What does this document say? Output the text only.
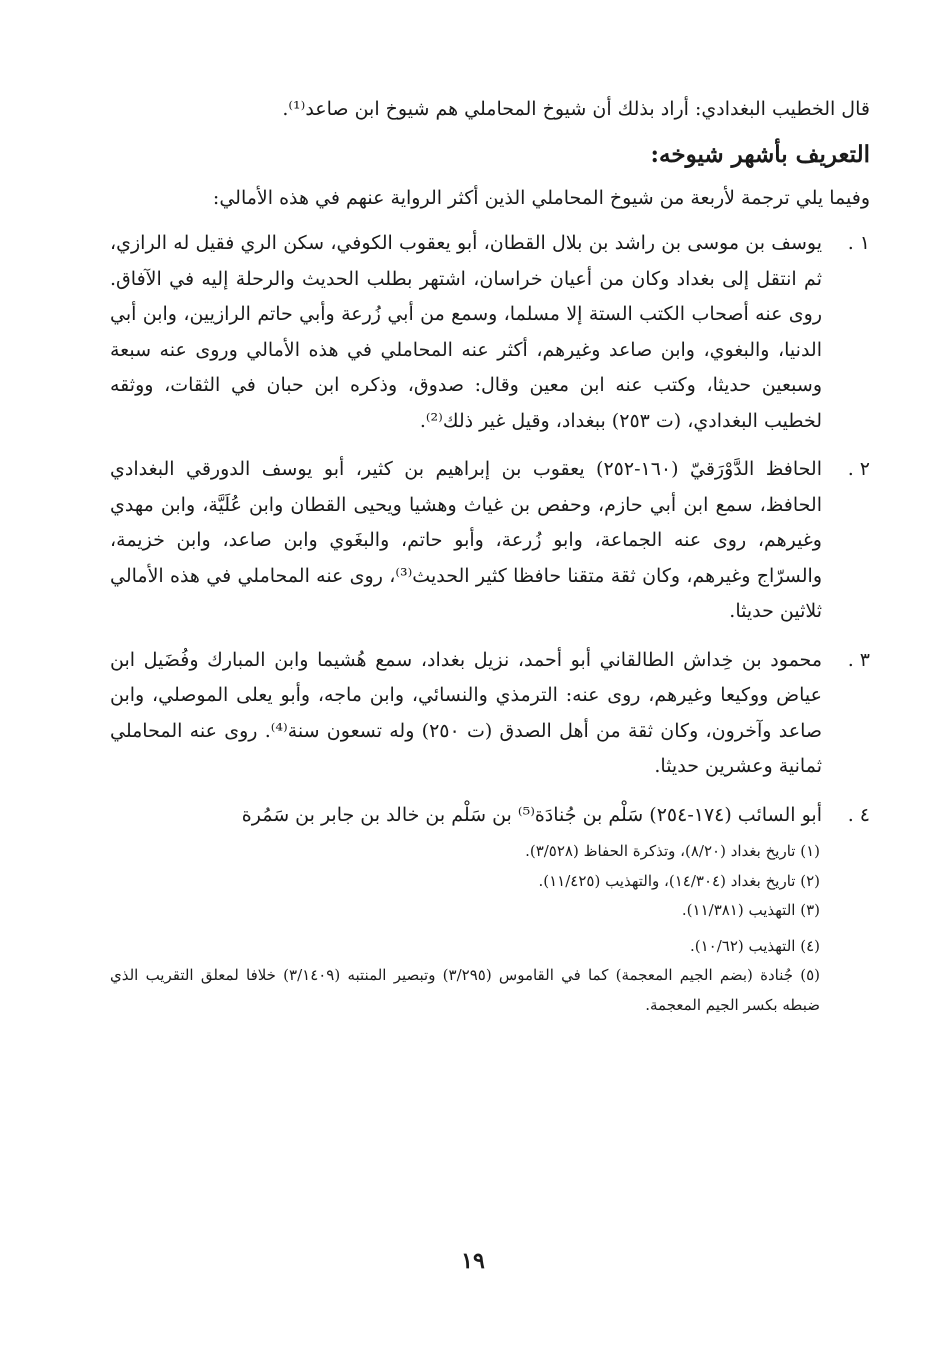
قال الخطيب البغدادي: أراد بذلك أن شيوخ المحاملي هم شيوخ ابن صاعد⁽¹⁾.

التعريف بأشهر شيوخه:

وفيما يلي ترجمة لأربعة من شيوخ المحاملي الذين أكثر الرواية عنهم في هذه الأمالي:

١ .
يوسف بن موسى بن راشد بن بلال القطان، أبو يعقوب الكوفي، سكن الري فقيل له الرازي، ثم انتقل إلى بغداد وكان من أعيان خراسان، اشتهر بطلب الحديث والرحلة إليه في الآفاق. روى عنه أصحاب الكتب الستة إلا مسلما، وسمع من أبي زُرعة وأبي حاتم الرازيين، وابن أبي الدنيا، والبغوي، وابن صاعد وغيرهم، أكثر عنه المحاملي في هذه الأمالي وروى عنه سبعة وسبعين حديثا، وكتب عنه ابن معين وقال: صدوق، وذكره ابن حبان في الثقات، ووثقه لخطيب البغدادي، (ت ٢٥٣) ببغداد، وقيل غير ذلك⁽²⁾.
٢ .
الحافظ الدَّوْرَقيّ (١٦٠-٢٥٢) يعقوب بن إبراهيم بن كثير، أبو يوسف الدورقي البغدادي الحافظ، سمع ابن أبي حازم، وحفص بن غياث وهشيا ويحيى القطان وابن عُلَيَّة، وابن مهدي وغيرهم، روى عنه الجماعة، وابو زُرعة، وأبو حاتم، والبغَوي وابن صاعد، وابن خزيمة، والسرّاج وغيرهم، وكان ثقة متقنا حافظا كثير الحديث⁽³⁾، روى عنه المحاملي في هذه الأمالي ثلاثين حديثا.
٣ .
محمود بن خِداش الطالقاني أبو أحمد، نزيل بغداد، سمع هُشيما وابن المبارك وفُضَيل ابن عياض ووكيعا وغيرهم، روى عنه: الترمذي والنسائي، وابن ماجه، وأبو يعلى الموصلي، وابن صاعد وآخرون، وكان ثقة من أهل الصدق (ت ٢٥٠) وله تسعون سنة⁽⁴⁾. روى عنه المحاملي ثمانية وعشرين حديثا.
٤ .
أبو السائب (١٧٤-٢٥٤) سَلْم بن جُنادَة⁽⁵⁾ بن سَلْم بن خالد بن جابر بن سَمُرة

(١) تاريخ بغداد (٨/٢٠)، وتذكرة الحفاظ (٣/٥٢٨).

(٢) تاريخ بغداد (١٤/٣٠٤)، والتهذيب (١١/٤٢٥).

(٣) التهذيب (١١/٣٨١).

(٤) التهذيب (١٠/٦٢).

(٥) جُنادة (بضم الجيم المعجمة) كما في القاموس (٣/٢٩٥) وتبصير المنتبه (٣/١٤٠٩) خلافا لمعلق التقريب الذي ضبطه بكسر الجيم المعجمة.

١٩
